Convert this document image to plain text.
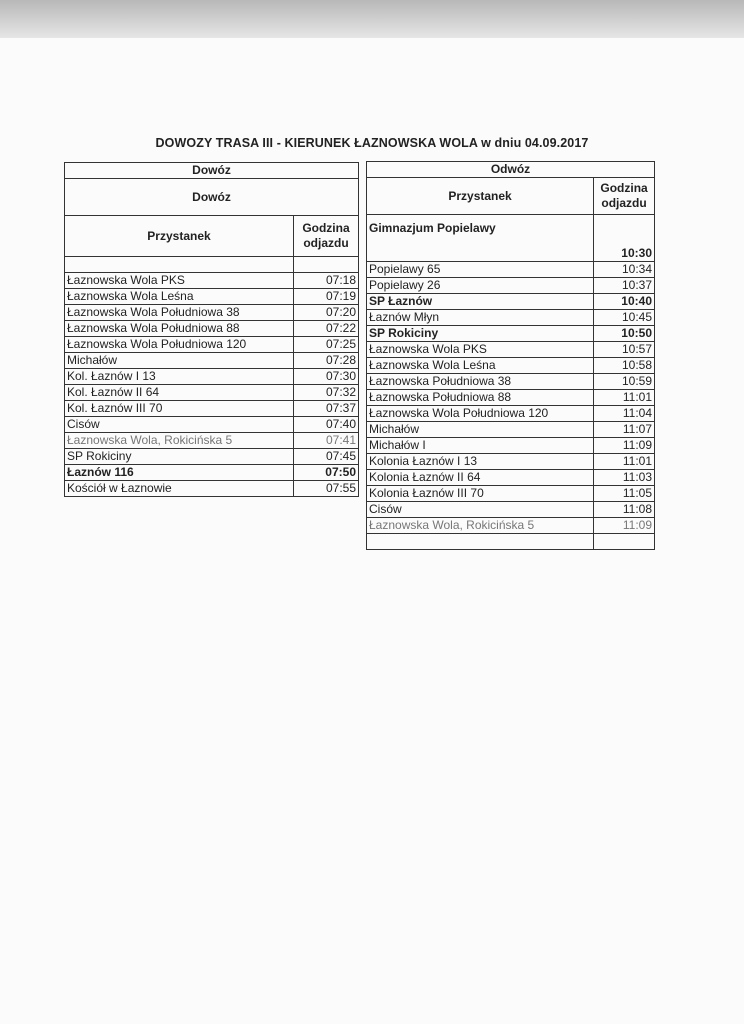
DOWOZY TRASA III - KIERUNEK ŁAZNOWSKA WOLA w dniu 04.09.2017
Dowóz	
Dowóz	
Przystanek	Godzina odjazdu

Łaznowska Wola PKS	07:18
Łaznowska Wola Leśna	07:19
Łaznowska Wola Południowa 38	07:20
Łaznowska Wola Południowa 88	07:22
Łaznowska Wola Południowa 120	07:25
Michałów	07:28
Kol. Łaznów I 13	07:30
Kol. Łaznów II 64	07:32
Kol. Łaznów III 70	07:37
Cisów	07:40
Łaznowska Wola, Rokicińska 5	07:41
SP Rokiciny	07:45
Łaznów 116	07:50
Kościół w Łaznowie	07:55
Odwóz	
Przystanek	Godzina odjazdu
Gimnazjum Popielawy	10:30
Popielawy 65	10:34
Popielawy 26	10:37
SP Łaznów	10:40
Łaznów Młyn	10:45
SP Rokiciny	10:50
Łaznowska Wola PKS	10:57
Łaznowska Wola Leśna	10:58
Łaznowska Południowa 38	10:59
Łaznowska Południowa 88	11:01
Łaznowska Wola Południowa 120	11:04
Michałów	11:07
Michałów I	11:09
Kolonia Łaznów I 13	11:01
Kolonia Łaznów II 64	11:03
Kolonia Łaznów III 70	11:05
Cisów	11:08
Łaznowska Wola, Rokicińska 5	11:09
